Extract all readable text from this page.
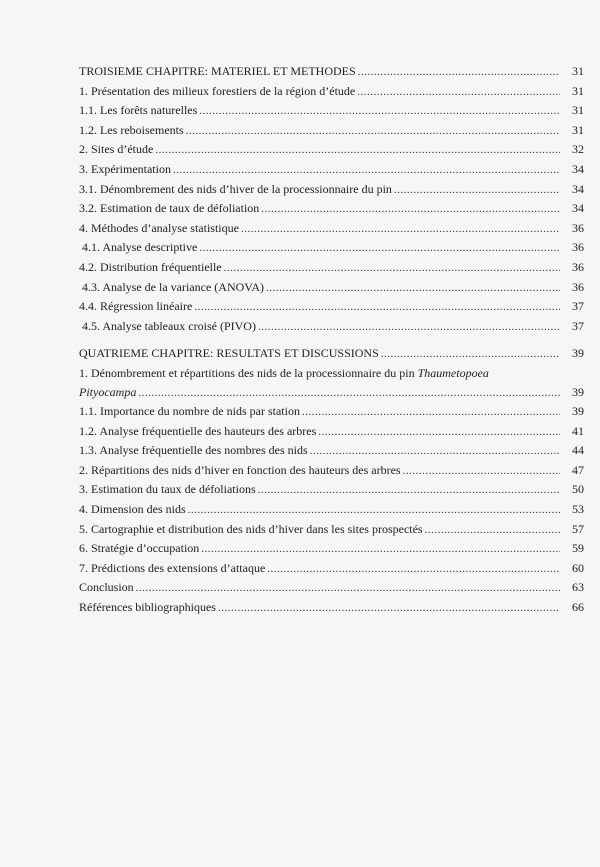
TROISIEME CHAPITRE: MATERIEL ET METHODES .....	31
1. Présentation des milieux forestiers de la région d’étude .....	31
1.1. Les forêts naturelles .....	31
1.2. Les reboisements .....	31
2. Sites d’étude .....	32
3. Expérimentation .....	34
3.1. Dénombrement des nids d’hiver de la processionnaire du pin .....	34
3.2. Estimation de taux de défoliation .....	34
4. Méthodes d’analyse statistique .....	36
4.1. Analyse descriptive .....	36
4.2. Distribution fréquentielle .....	36
4.3. Analyse de la variance (ANOVA) .....	36
4.4. Régression linéaire .....	37
4.5. Analyse tableaux croisé (PIVO) .....	37
QUATRIEME CHAPITRE: RESULTATS ET DISCUSSIONS .....	39
1. Dénombrement et répartitions des nids de la processionnaire du pin Thaumetopoea
Pityocampa .....	39
1.1. Importance du nombre de nids par station .....	39
1.2. Analyse fréquentielle des hauteurs des arbres .....	41
1.3. Analyse fréquentielle des nombres des nids .....	44
2. Répartitions des nids d’hiver en fonction des hauteurs des arbres .....	47
3. Estimation du taux de défoliations .....	50
4. Dimension des nids .....	53
5. Cartographie et distribution des nids d’hiver dans les sites prospectés .....	57
6. Stratégie d’occupation .....	59
7. Prédictions des extensions d’attaque .....	60
Conclusion .....	63
Références bibliographiques .....	66
